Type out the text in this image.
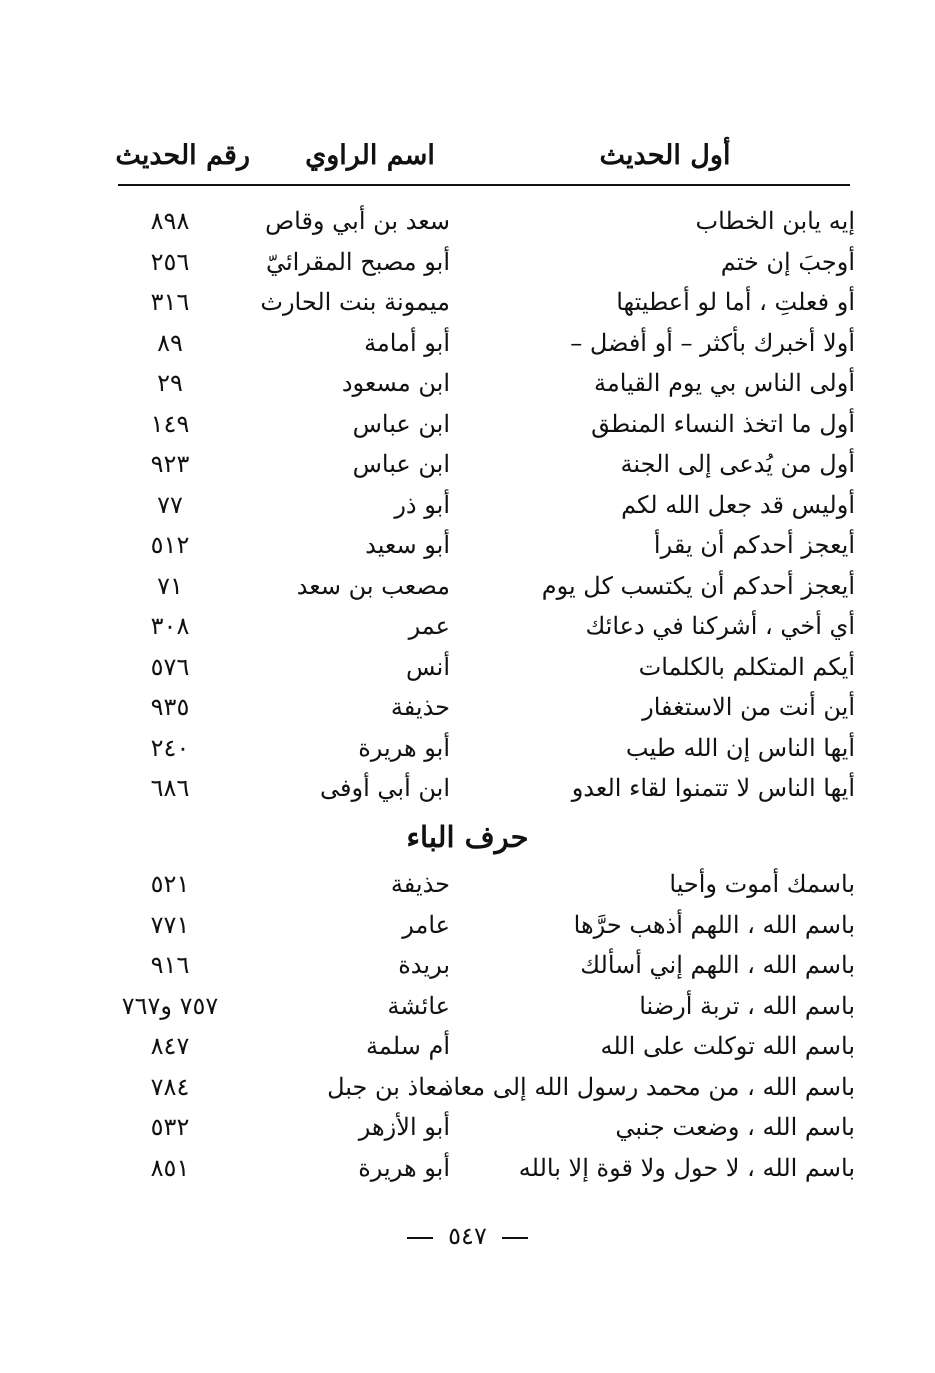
أول الحديث
اسم الراوي
رقم الحديث
إيه يابن الخطاب
سعد بن أبي وقاص
٨٩٨
أوجبَ إن ختم
أبو مصبح المقرائيّ
٢٥٦
أو فعلتِ ، أما لو أعطيتها
ميمونة بنت الحارث
٣١٦
أولا أخبرك بأكثر – أو أفضل –
أبو أمامة
٨٩
أولى الناس بي يوم القيامة
ابن مسعود
٢٩
أول ما اتخذ النساء المنطق
ابن عباس
١٤٩
أول من يُدعى إلى الجنة
ابن عباس
٩٢٣
أوليس قد جعل الله لكم
أبو ذر
٧٧
أيعجز أحدكم أن يقرأ
أبو سعيد
٥١٢
أيعجز أحدكم أن يكتسب كل يوم
مصعب بن سعد
٧١
أي أخي ، أشركنا في دعائك
عمر
٣٠٨
أيكم المتكلم بالكلمات
أنس
٥٧٦
أين أنت من الاستغفار
حذيفة
٩٣٥
أيها الناس إن الله طيب
أبو هريرة
٢٤٠
أيها الناس لا تتمنوا لقاء العدو
ابن أبي أوفى
٦٨٦
حرف الباء
باسمك أموت وأحيا
حذيفة
٥٢١
باسم الله ، اللهم أذهب حرَّها
عامر
٧٧١
باسم الله ، اللهم إني أسألك
بريدة
٩١٦
باسم الله ، تربة أرضنا
عائشة
٧٥٧ و٧٦٧
باسم الله توكلت على الله
أم سلمة
٨٤٧
باسم الله ، من محمد رسول الله إلى معاذ
معاذ بن جبل
٧٨٤
باسم الله ، وضعت جنبي
أبو الأزهر
٥٣٢
باسم الله ، لا حول ولا قوة إلا بالله
أبو هريرة
٨٥١
٥٤٧
